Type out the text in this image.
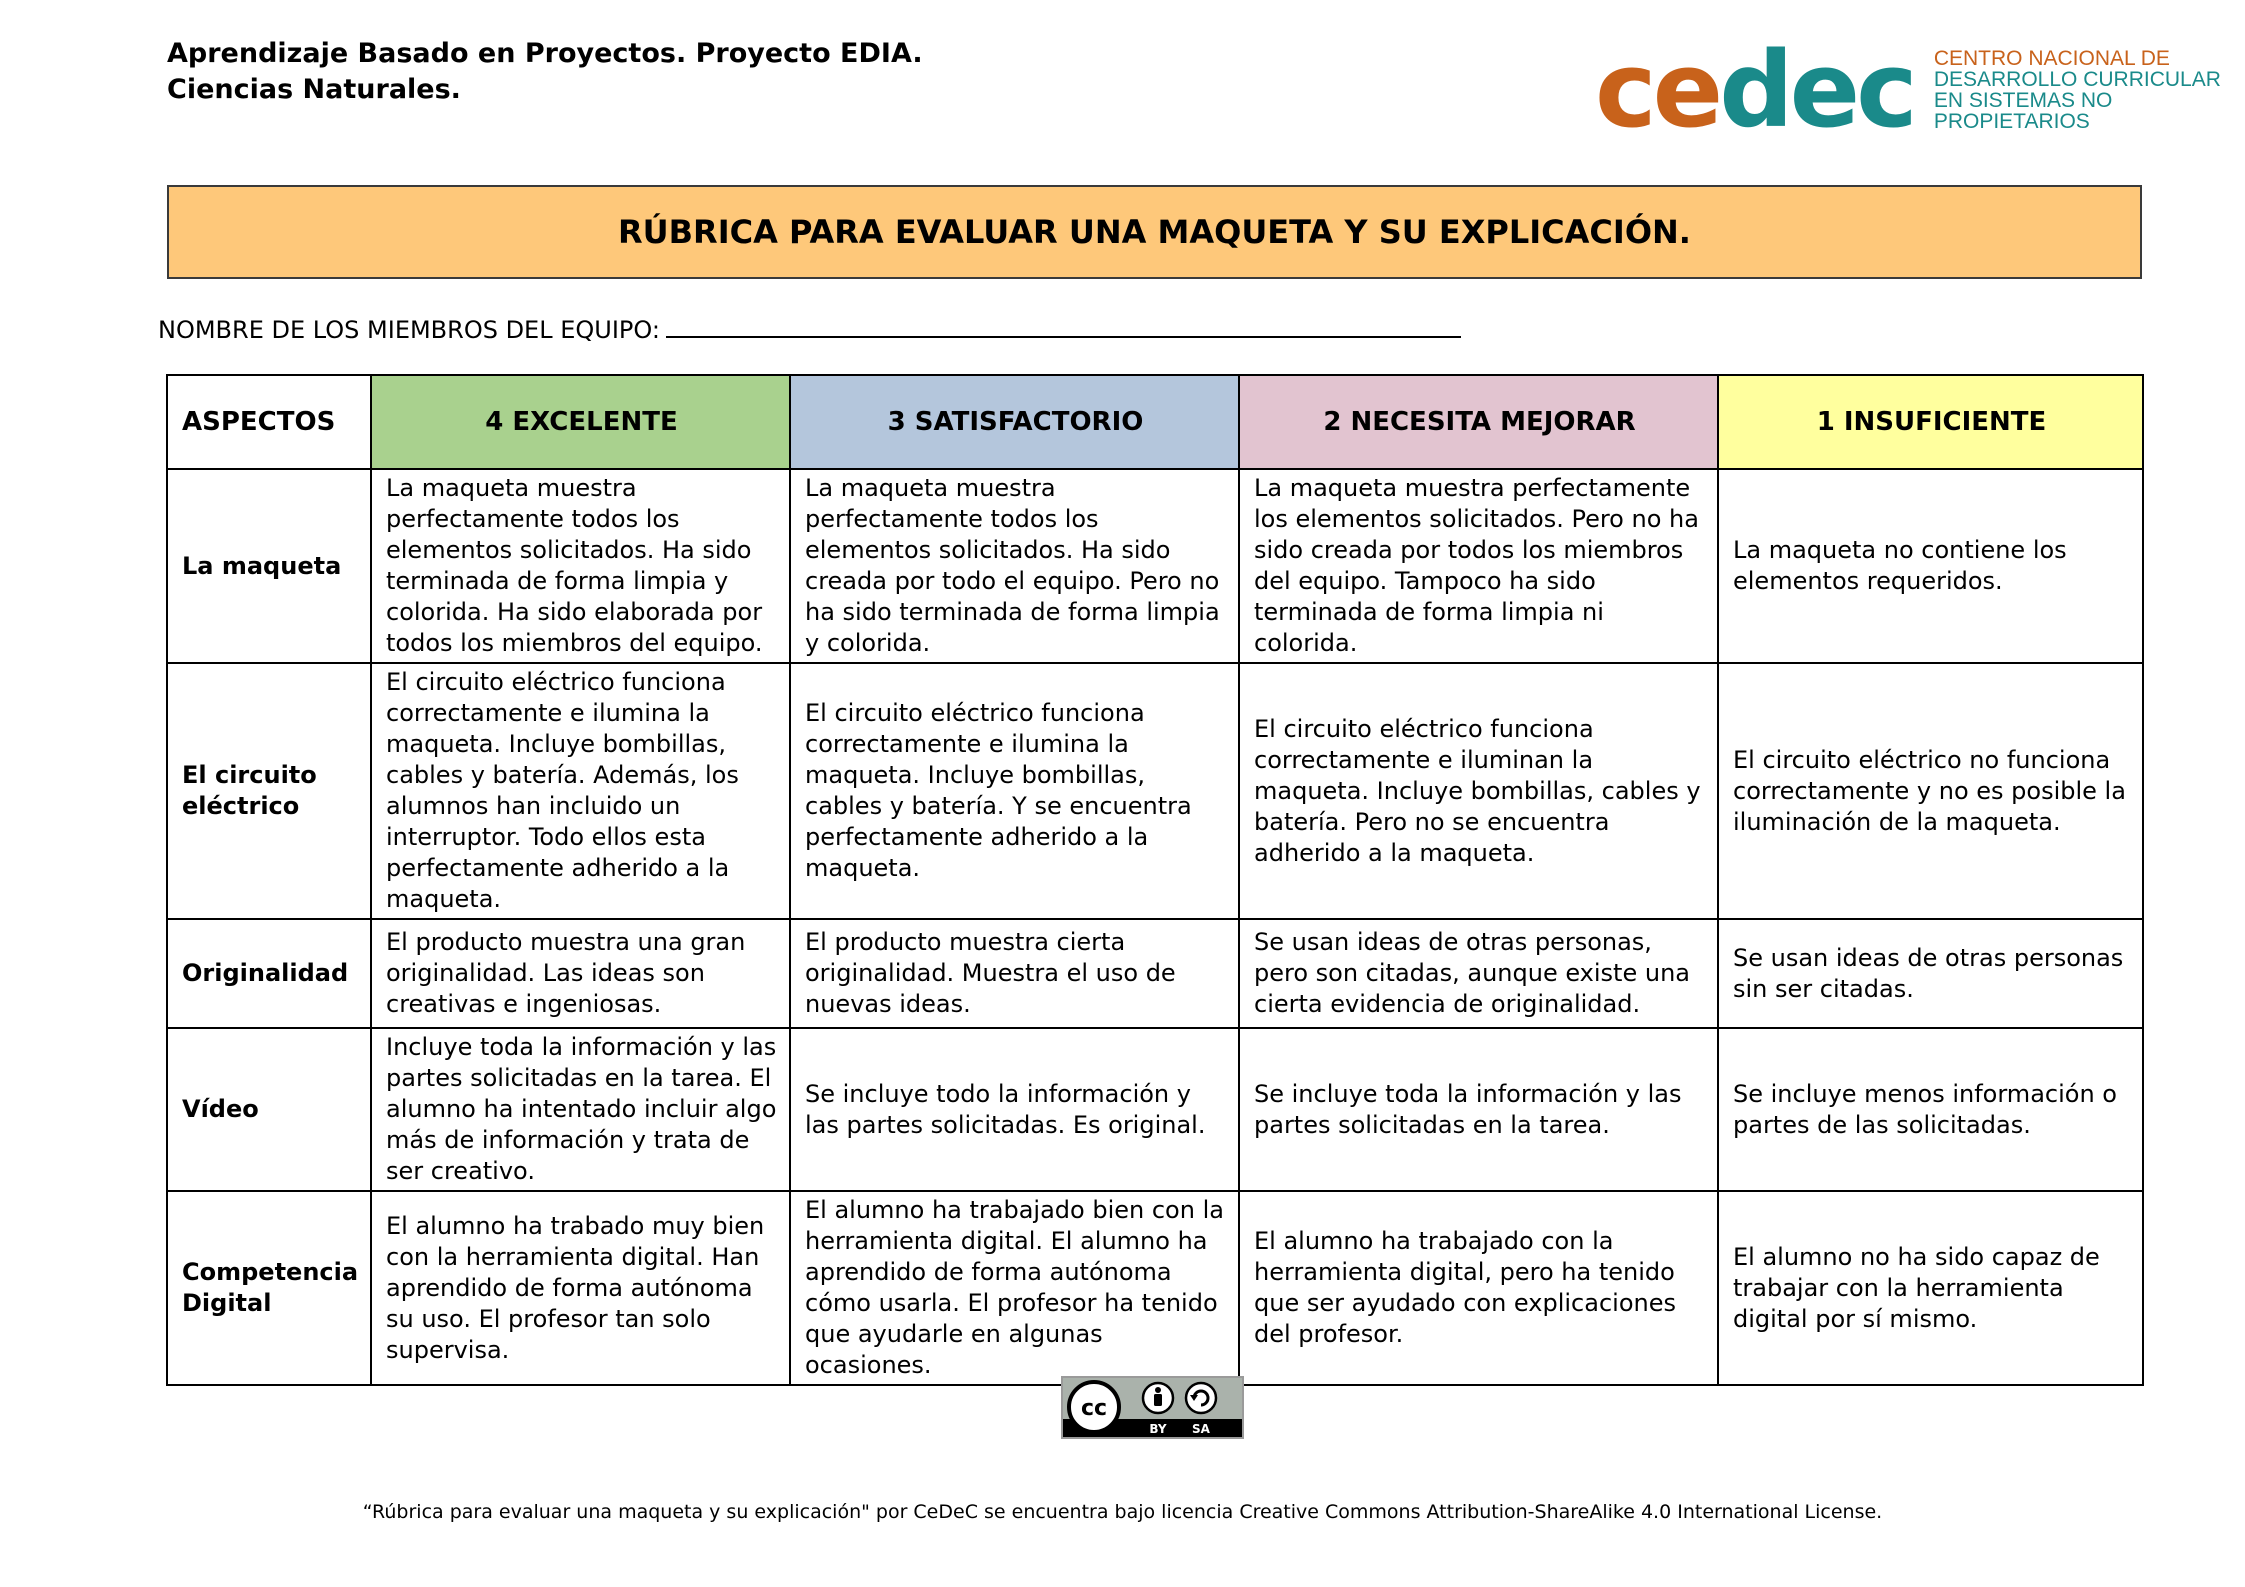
Aprendizaje Basado en Proyectos. Proyecto EDIA.
Ciencias Naturales.	ce dec CENTRO NACIONAL DE
DESARROLLO CURRICULAR
EN SISTEMAS NO PROPIETARIOS
RÚBRICA PARA EVALUAR UNA MAQUETA Y SU EXPLICACIÓN.
NOMBRE DE LOS MIEMBROS DEL EQUIPO:
ASPECTOS	4 EXCELENTE	3 SATISFACTORIO	2 NECESITA MEJORAR	1 INSUFICIENTE
La maqueta	La maqueta muestra perfectamente todos los elementos solicitados. Ha sido terminada de forma limpia y colorida. Ha sido elaborada por todos los miembros del equipo.	La maqueta muestra perfectamente todos los elementos solicitados. Ha sido creada por todo el equipo. Pero no ha sido terminada de forma limpia y colorida.	La maqueta muestra perfectamente los elementos solicitados. Pero no ha sido creada por todos los miembros del equipo. Tampoco ha sido terminada de forma limpia ni colorida.	La maqueta no contiene los elementos requeridos.
El circuito eléctrico	El circuito eléctrico funciona correctamente e ilumina la maqueta. Incluye bombillas, cables y batería. Además, los alumnos han incluido un interruptor. Todo ellos esta perfectamente adherido a la maqueta.	El circuito eléctrico funciona correctamente e ilumina la maqueta. Incluye bombillas, cables y batería. Y se encuentra perfectamente adherido a la maqueta.	El circuito eléctrico funciona correctamente e iluminan la maqueta. Incluye bombillas, cables y batería. Pero no se encuentra adherido a la maqueta.	El circuito eléctrico no funciona correctamente y no es posible la iluminación de la maqueta.
Originalidad	El producto muestra una gran originalidad. Las ideas son creativas e ingeniosas.	El producto muestra cierta originalidad. Muestra el uso de nuevas ideas.	Se usan ideas de otras personas, pero son citadas, aunque existe una cierta evidencia de originalidad.	Se usan ideas de otras personas sin ser citadas.
Vídeo	Incluye toda la información y las partes solicitadas en la tarea. El alumno ha intentado incluir algo más de información y trata de ser creativo.	Se incluye todo la información y las partes solicitadas. Es original.	Se incluye toda la información y las partes solicitadas en la tarea.	Se incluye menos información o partes de las solicitadas.
Competencia Digital	El alumno ha trabado muy bien con la herramienta digital. Han aprendido de forma autónoma su uso. El profesor tan solo supervisa.	El alumno ha trabajado bien con la herramienta digital. El alumno ha aprendido de forma autónoma cómo usarla. El profesor ha tenido que ayudarle en algunas ocasiones.	El alumno ha trabajado con la herramienta digital, pero ha tenido que ser ayudado con explicaciones del profesor.	El alumno no ha sido capaz de trabajar con la herramienta digital por sí mismo.
cc
BY SA
“Rúbrica para evaluar una maqueta y su explicación" por CeDeC se encuentra bajo licencia Creative Commons Attribution-ShareAlike 4.0 International License.
